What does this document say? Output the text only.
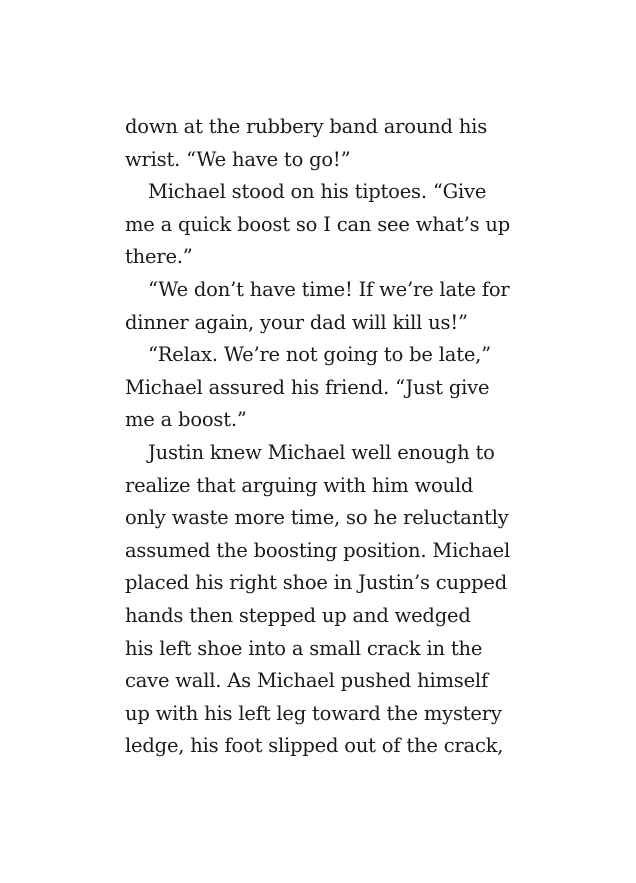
down at the rubbery band around his
wrist. “We have to go!”
Michael stood on his tiptoes. “Give
me a quick boost so I can see what’s up
there.”
“We don’t have time! If we’re late for
dinner again, your dad will kill us!”
“Relax. We’re not going to be late,”
Michael assured his friend. “Just give
me a boost.”
Justin knew Michael well enough to
realize that arguing with him would
only waste more time, so he reluctantly
assumed the boosting position. Michael
placed his right shoe in Justin’s cupped
hands then stepped up and wedged
his left shoe into a small crack in the
cave wall. As Michael pushed himself
up with his left leg toward the mystery
ledge, his foot slipped out of the crack,
